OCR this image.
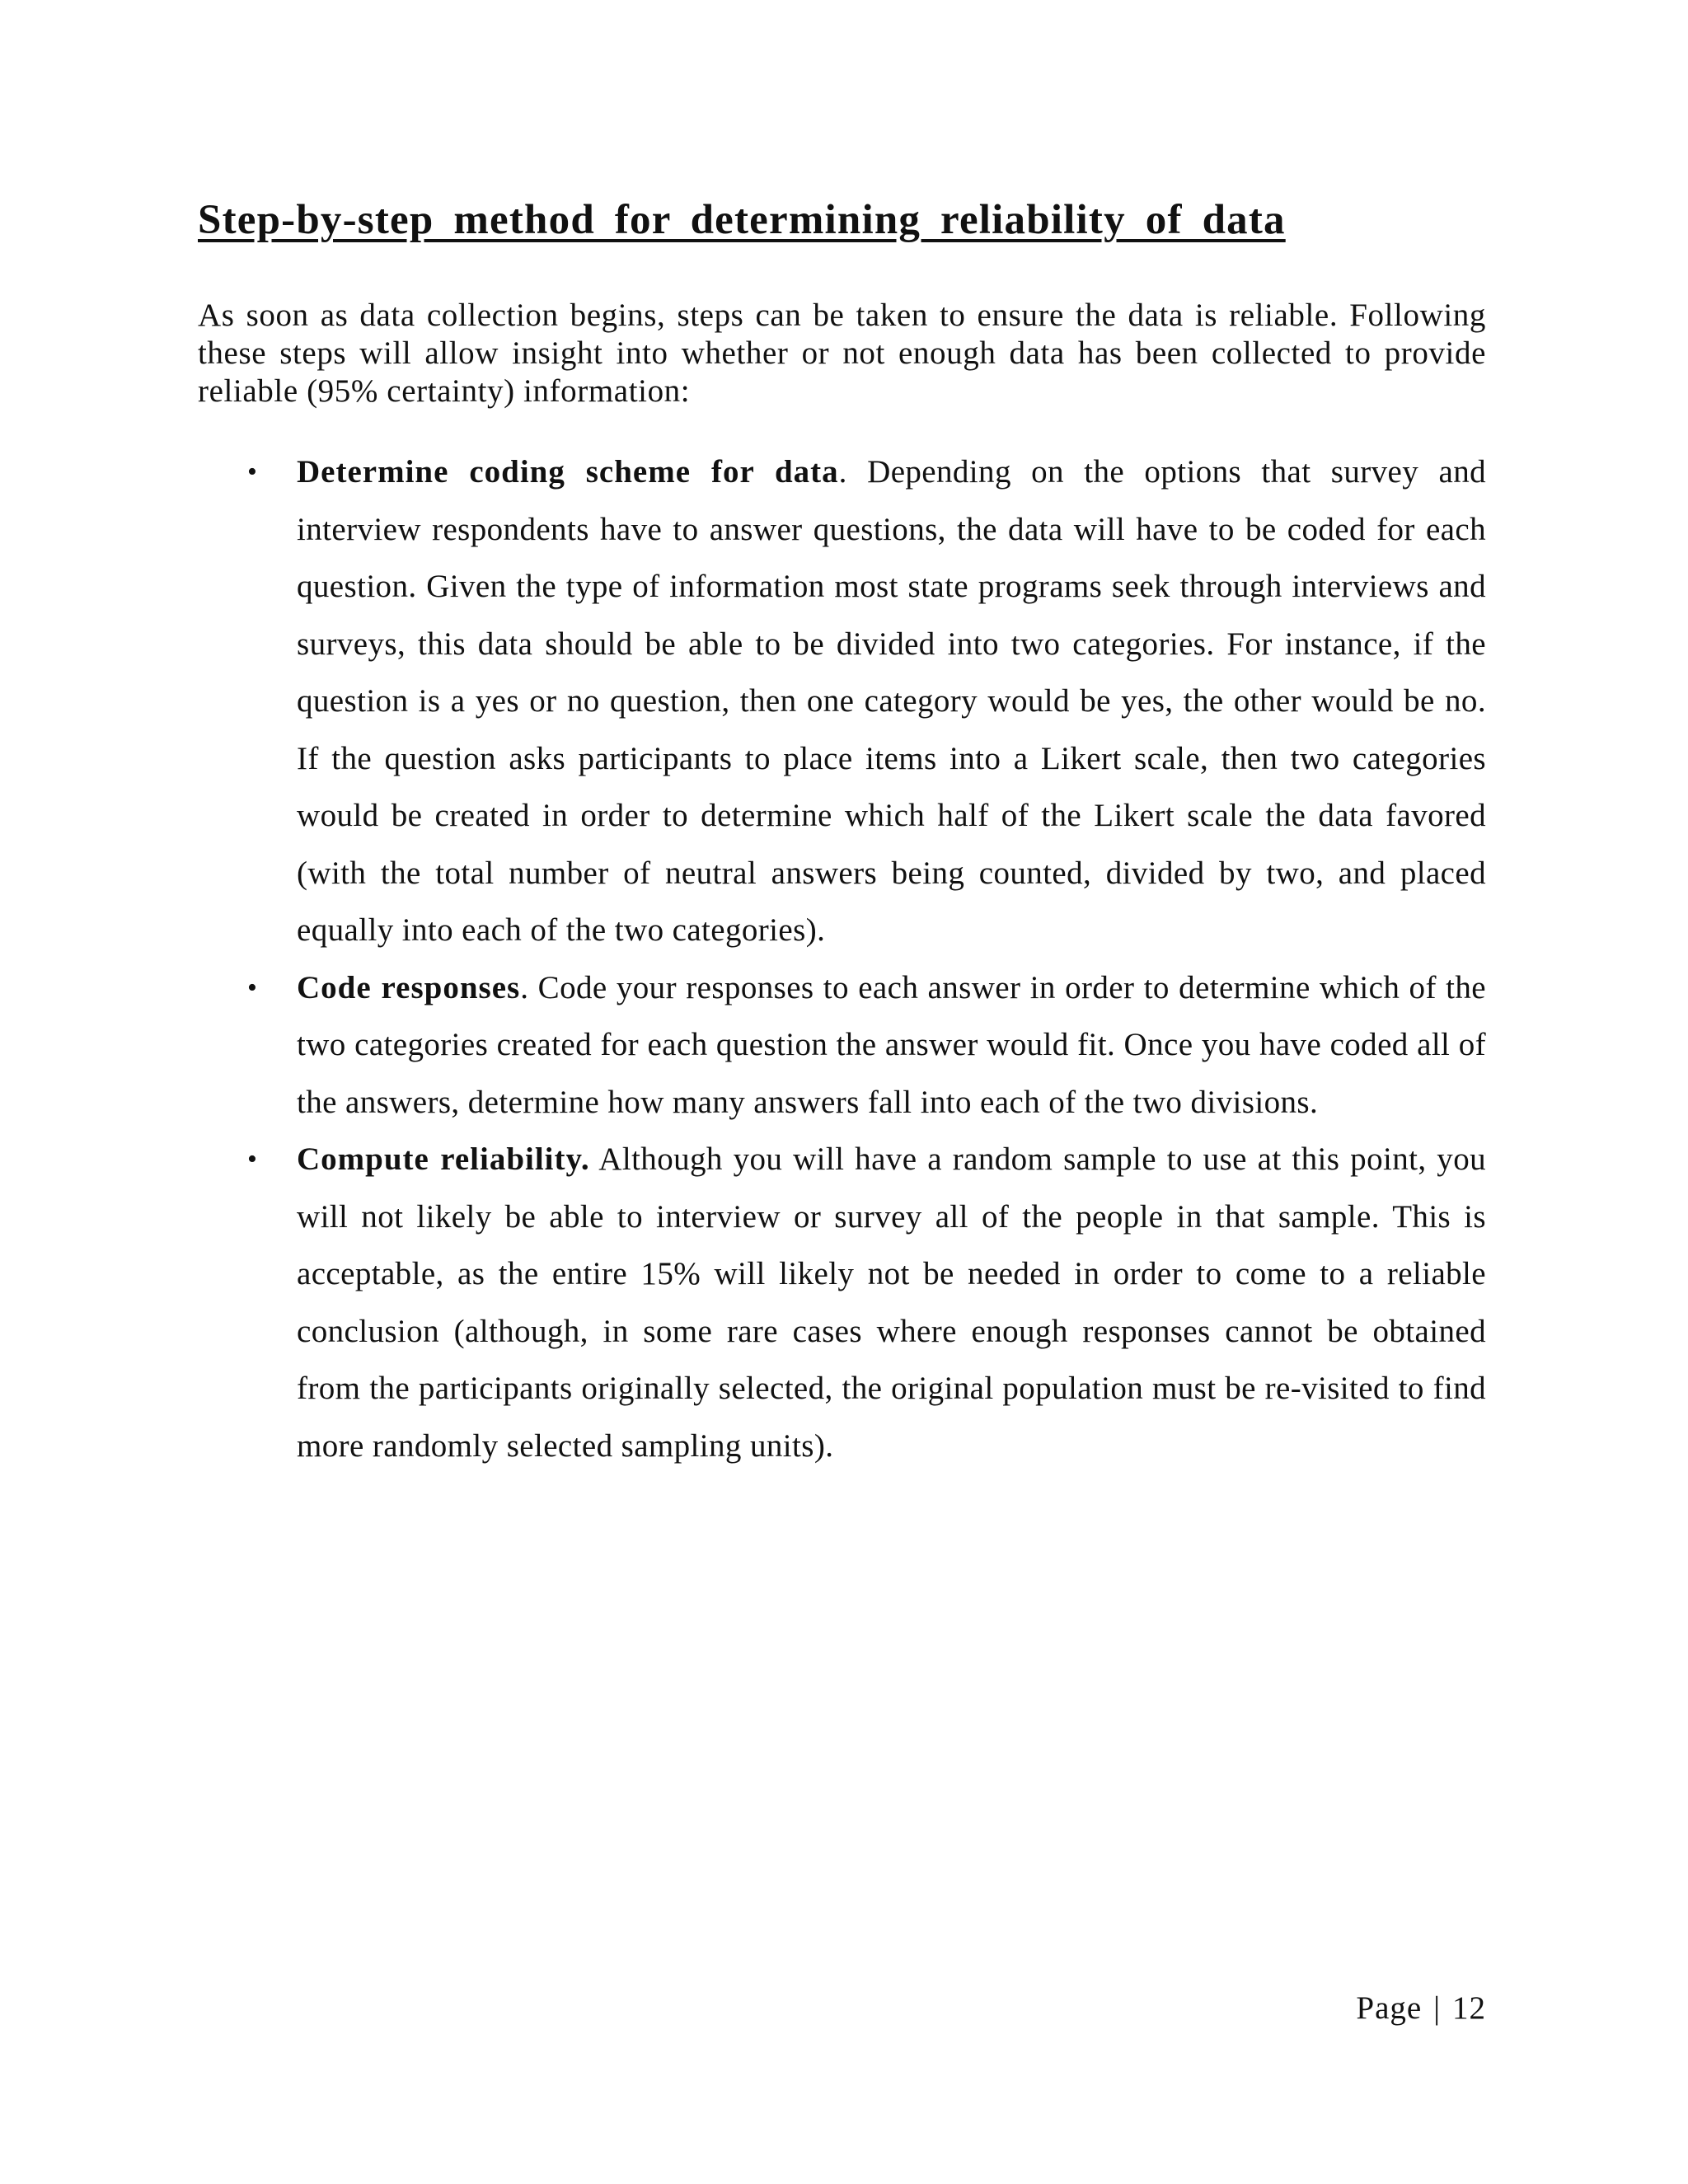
Step-by-step method for determining reliability of data

As soon as data collection begins, steps can be taken to ensure the data is reliable. Following these steps will allow insight into whether or not enough data has been collected to provide reliable (95% certainty) information:

• Determine coding scheme for data. Depending on the options that survey and interview respondents have to answer questions, the data will have to be coded for each question. Given the type of information most state programs seek through interviews and surveys, this data should be able to be divided into two categories. For instance, if the question is a yes or no question, then one category would be yes, the other would be no. If the question asks participants to place items into a Likert scale, then two categories would be created in order to determine which half of the Likert scale the data favored (with the total number of neutral answers being counted, divided by two, and placed equally into each of the two categories).
• Code responses. Code your responses to each answer in order to determine which of the two categories created for each question the answer would fit. Once you have coded all of the answers, determine how many answers fall into each of the two divisions.
• Compute reliability. Although you will have a random sample to use at this point, you will not likely be able to interview or survey all of the people in that sample. This is acceptable, as the entire 15% will likely not be needed in order to come to a reliable conclusion (although, in some rare cases where enough responses cannot be obtained from the participants originally selected, the original population must be re-visited to find more randomly selected sampling units).
Page | 12
